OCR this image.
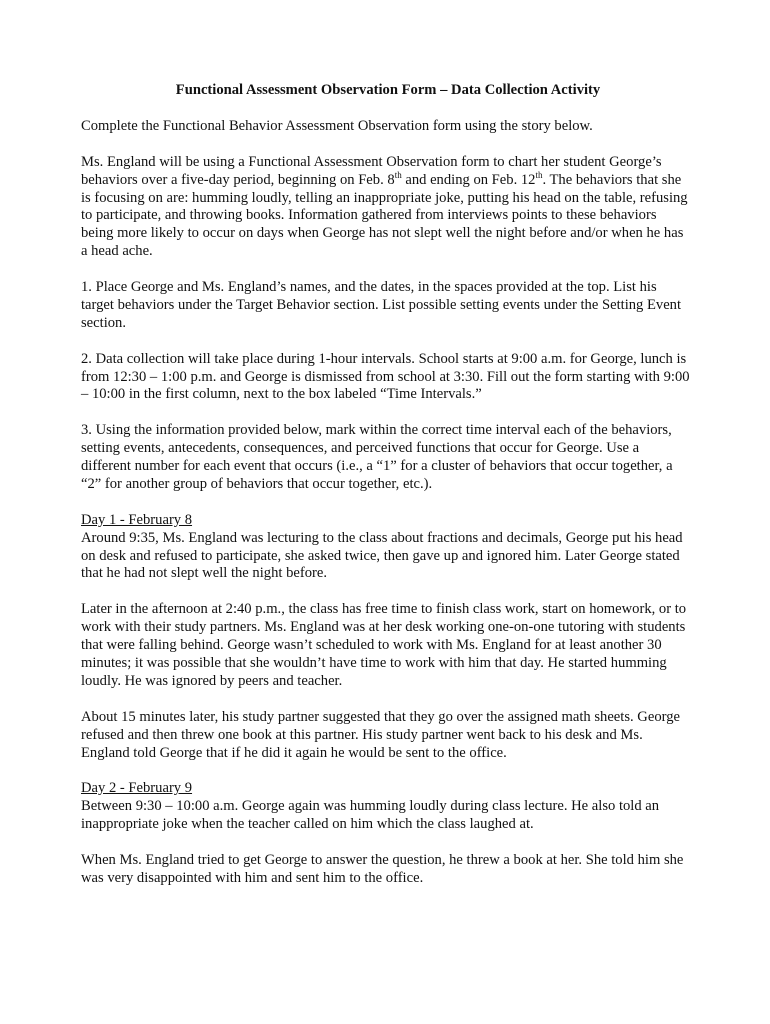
Functional Assessment Observation Form – Data Collection Activity

Complete the Functional Behavior Assessment Observation form using the story below.

Ms. England will be using a Functional Assessment Observation form to chart her student George’s behaviors over a five-day period, beginning on Feb. 8th and ending on Feb. 12th. The behaviors that she is focusing on are: humming loudly, telling an inappropriate joke, putting his head on the table, refusing to participate, and throwing books. Information gathered from interviews points to these behaviors being more likely to occur on days when George has not slept well the night before and/or when he has a head ache.

1. Place George and Ms. England’s names, and the dates, in the spaces provided at the top. List his target behaviors under the Target Behavior section. List possible setting events under the Setting Event section.

2. Data collection will take place during 1-hour intervals. School starts at 9:00 a.m. for George, lunch is from 12:30 – 1:00 p.m. and George is dismissed from school at 3:30. Fill out the form starting with 9:00 – 10:00 in the first column, next to the box labeled “Time Intervals.”

3. Using the information provided below, mark within the correct time interval each of the behaviors, setting events, antecedents, consequences, and perceived functions that occur for George. Use a different number for each event that occurs (i.e., a “1” for a cluster of behaviors that occur together, a “2” for another group of behaviors that occur together, etc.).

Day 1 - February 8
Around 9:35, Ms. England was lecturing to the class about fractions and decimals, George put his head on desk and refused to participate, she asked twice, then gave up and ignored him. Later George stated that he had not slept well the night before.

Later in the afternoon at 2:40 p.m., the class has free time to finish class work, start on homework, or to work with their study partners. Ms. England was at her desk working one-on-one tutoring with students that were falling behind. George wasn’t scheduled to work with Ms. England for at least another 30 minutes; it was possible that she wouldn’t have time to work with him that day. He started humming loudly. He was ignored by peers and teacher.

About 15 minutes later, his study partner suggested that they go over the assigned math sheets. George refused and then threw one book at this partner. His study partner went back to his desk and Ms. England told George that if he did it again he would be sent to the office.

Day 2 - February 9
Between 9:30 – 10:00 a.m. George again was humming loudly during class lecture. He also told an inappropriate joke when the teacher called on him which the class laughed at.

When Ms. England tried to get George to answer the question, he threw a book at her. She told him she was very disappointed with him and sent him to the office.
